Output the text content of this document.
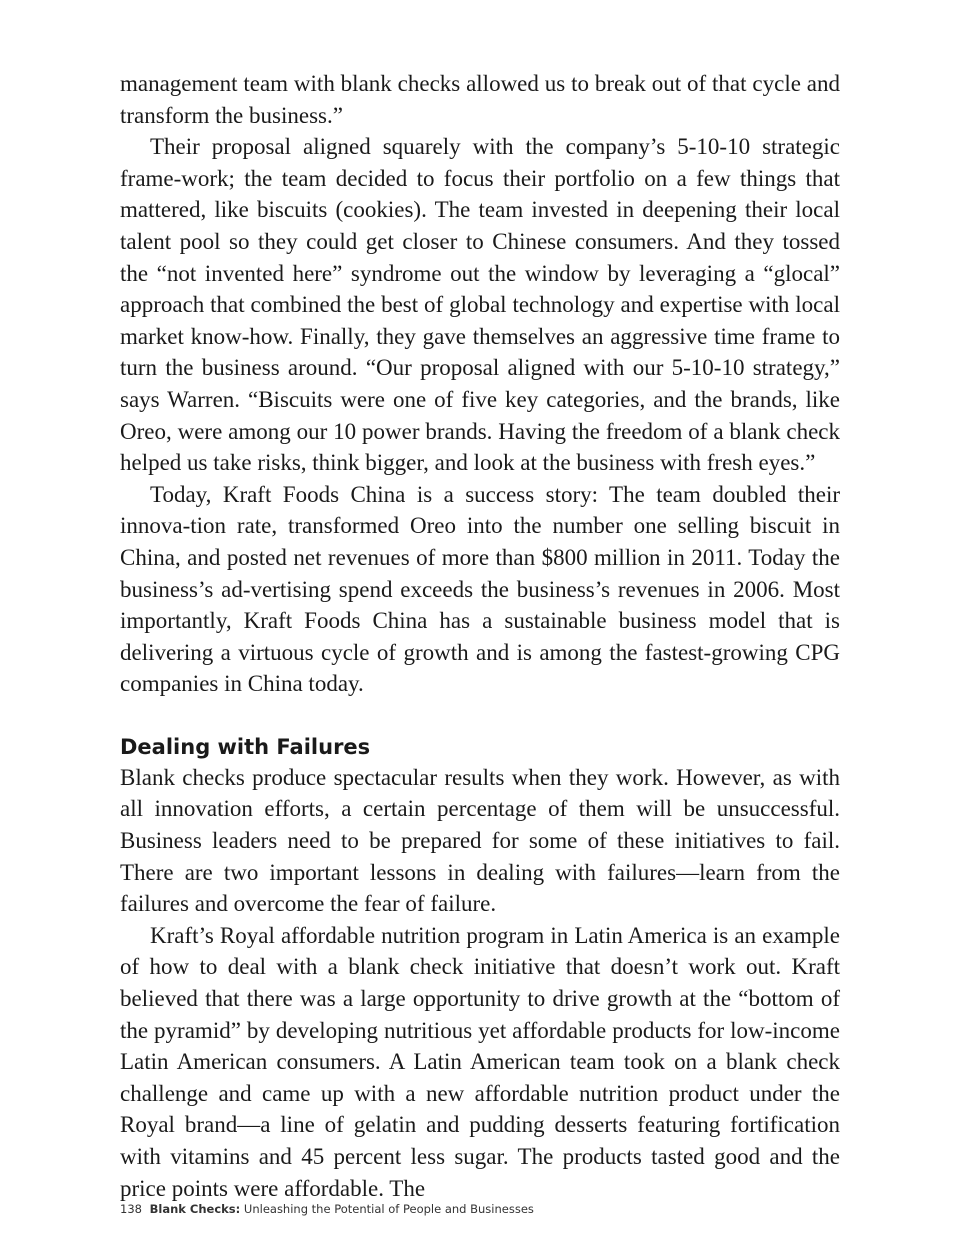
management team with blank checks allowed us to break out of that cycle and transform the business.”

Their proposal aligned squarely with the company’s 5-10-10 strategic frame-work; the team decided to focus their portfolio on a few things that mattered, like biscuits (cookies). The team invested in deepening their local talent pool so they could get closer to Chinese consumers. And they tossed the “not invented here” syndrome out the window by leveraging a “glocal” approach that combined the best of global technology and expertise with local market know-how. Finally, they gave themselves an aggressive time frame to turn the business around. “Our proposal aligned with our 5-10-10 strategy,” says Warren. “Biscuits were one of five key categories, and the brands, like Oreo, were among our 10 power brands. Having the freedom of a blank check helped us take risks, think bigger, and look at the business with fresh eyes.”

Today, Kraft Foods China is a success story: The team doubled their innova-tion rate, transformed Oreo into the number one selling biscuit in China, and posted net revenues of more than $800 million in 2011. Today the business’s ad-vertising spend exceeds the business’s revenues in 2006. Most importantly, Kraft Foods China has a sustainable business model that is delivering a virtuous cycle of growth and is among the fastest-growing CPG companies in China today.

Dealing with Failures

Blank checks produce spectacular results when they work. However, as with all innovation efforts, a certain percentage of them will be unsuccessful. Business leaders need to be prepared for some of these initiatives to fail. There are two important lessons in dealing with failures—learn from the failures and overcome the fear of failure.

Kraft’s Royal affordable nutrition program in Latin America is an example of how to deal with a blank check initiative that doesn’t work out. Kraft believed that there was a large opportunity to drive growth at the “bottom of the pyramid” by developing nutritious yet affordable products for low-income Latin American consumers. A Latin American team took on a blank check challenge and came up with a new affordable nutrition product under the Royal brand—a line of gelatin and pudding desserts featuring fortification with vitamins and 45 percent less sugar. The products tasted good and the price points were affordable. The

138 Blank Checks: Unleashing the Potential of People and Businesses
